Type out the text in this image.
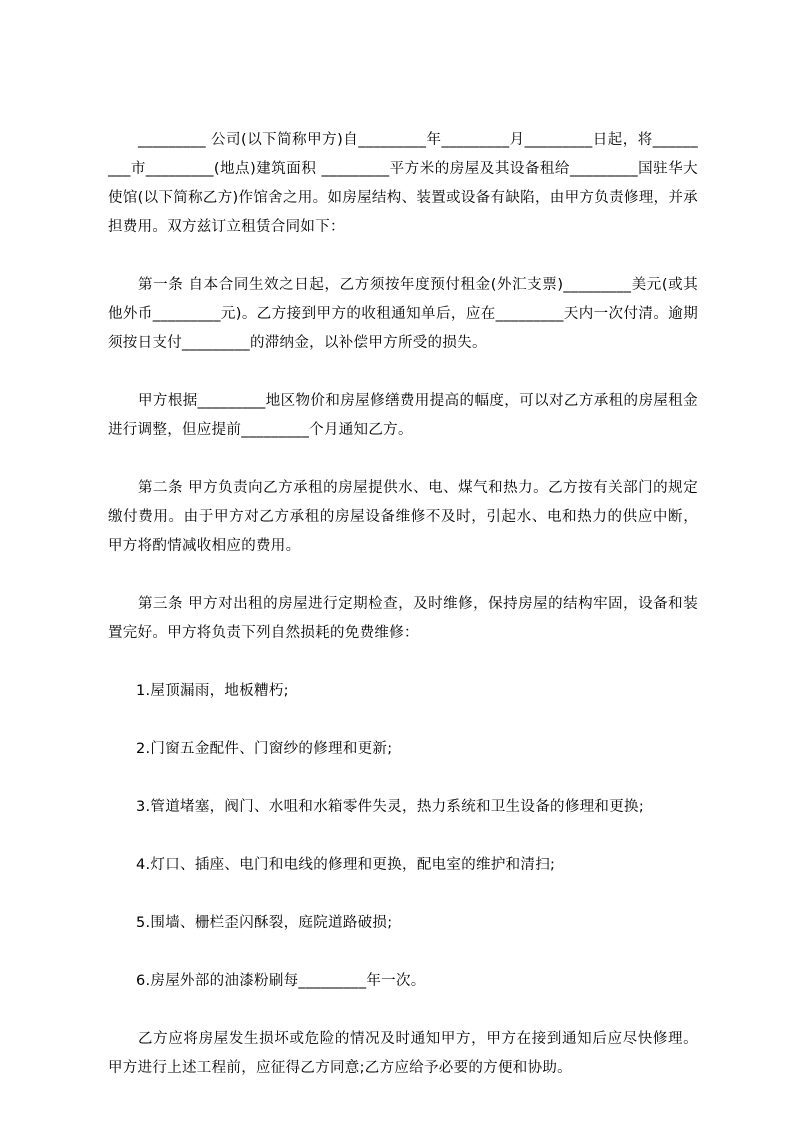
_________ 公司(以下简称甲方)自_________年_________月_________日起，将_________市_________(地点)建筑面积 _________平方米的房屋及其设备租给_________国驻华大使馆(以下简称乙方)作馆舍之用。如房屋结构、装置或设备有缺陷，由甲方负责修理，并承担费用。双方兹订立租赁合同如下：

第一条 自本合同生效之日起，乙方须按年度预付租金(外汇支票)_________美元(或其他外币_________元)。乙方接到甲方的收租通知单后，应在_________天内一次付清。逾期须按日支付_________的滞纳金，以补偿甲方所受的损失。

甲方根据_________地区物价和房屋修缮费用提高的幅度，可以对乙方承租的房屋租金进行调整，但应提前_________个月通知乙方。

第二条 甲方负责向乙方承租的房屋提供水、电、煤气和热力。乙方按有关部门的规定缴付费用。由于甲方对乙方承租的房屋设备维修不及时，引起水、电和热力的供应中断，甲方将酌情减收相应的费用。

第三条 甲方对出租的房屋进行定期检查，及时维修，保持房屋的结构牢固，设备和装置完好。甲方将负责下列自然损耗的免费维修：

1.屋顶漏雨，地板糟朽;

2.门窗五金配件、门窗纱的修理和更新;

3.管道堵塞，阀门、水咀和水箱零件失灵，热力系统和卫生设备的修理和更换;

4.灯口、插座、电门和电线的修理和更换，配电室的维护和清扫;

5.围墙、栅栏歪闪酥裂，庭院道路破损;

6.房屋外部的油漆粉刷每_________年一次。

乙方应将房屋发生损坏或危险的情况及时通知甲方，甲方在接到通知后应尽快修理。甲方进行上述工程前，应征得乙方同意;乙方应给予必要的方便和协助。
